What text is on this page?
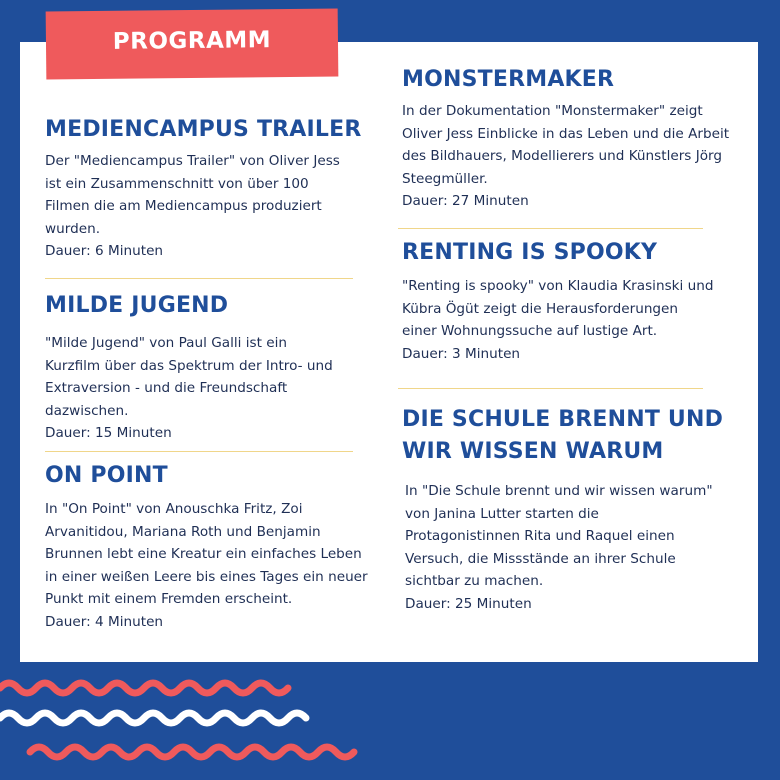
PROGRAMM
MEDIENCAMPUS TRAILER

Der "Mediencampus Trailer" von Oliver Jess
ist ein Zusammenschnitt von über 100
Filmen die am Mediencampus produziert
wurden.
Dauer: 6 Minuten

MILDE JUGEND

"Milde Jugend" von Paul Galli ist ein
Kurzfilm über das Spektrum der Intro- und
Extraversion - und die Freundschaft
dazwischen.
Dauer: 15 Minuten

ON POINT

In "On Point" von Anouschka Fritz, Zoi
Arvanitidou, Mariana Roth und Benjamin
Brunnen lebt eine Kreatur ein einfaches Leben
in einer weißen Leere bis eines Tages ein neuer
Punkt mit einem Fremden erscheint.
Dauer: 4 Minuten

MONSTERMAKER

In der Dokumentation "Monstermaker" zeigt
Oliver Jess Einblicke in das Leben und die Arbeit
des Bildhauers, Modellierers und Künstlers Jörg
Steegmüller.
Dauer: 27 Minuten

RENTING IS SPOOKY

"Renting is spooky" von Klaudia Krasinski und
Kübra Ögüt zeigt die Herausforderungen
einer Wohnungssuche auf lustige Art.
Dauer: 3 Minuten

DIE SCHULE BRENNT UND
WIR WISSEN WARUM

In "Die Schule brennt und wir wissen warum"
von Janina Lutter starten die
Protagonistinnen Rita und Raquel einen
Versuch, die Missstände an ihrer Schule
sichtbar zu machen.
Dauer: 25 Minuten
